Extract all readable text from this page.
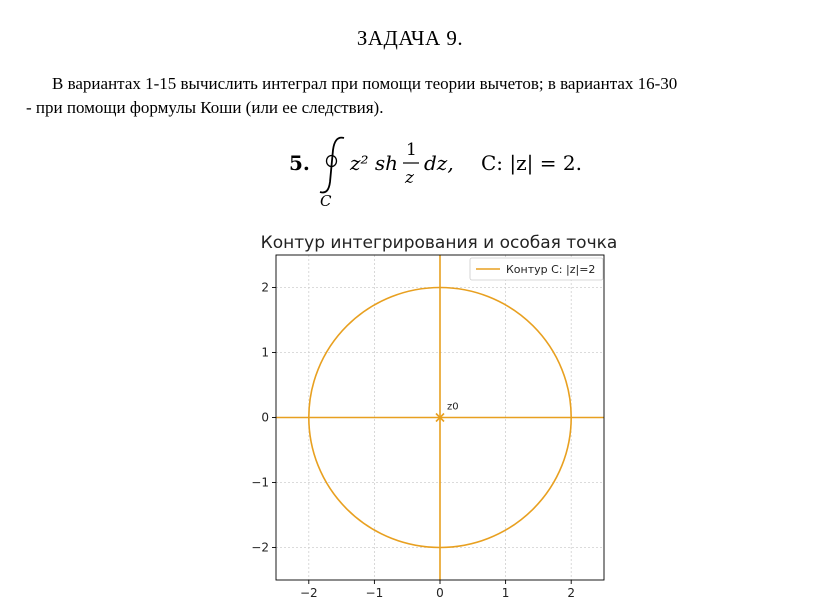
ЗАДАЧА 9.
В вариантах 1-15 вычислить интеграл при помощи теории вычетов; в вариантах 16-30
- при помощи формулы Коши (или ее следствия).
5.
C
z² sh
1
z
dz, C: |z| = 2.
Контур интегрирования и особая точка
−2	−1	0	1	2
−2
−1
0
1
2
z0
Контур C: |z|=2
